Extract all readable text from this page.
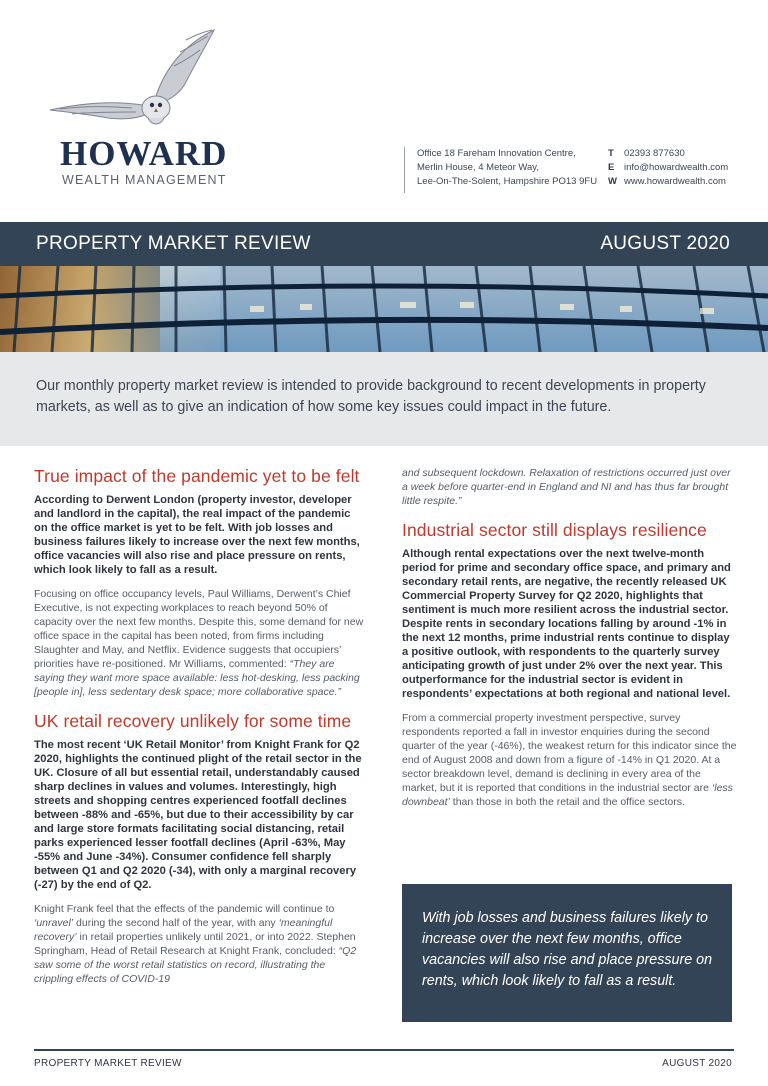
HOWARD
WEALTH MANAGEMENT
Office 18 Fareham Innovation Centre,
Merlin House, 4 Meteor Way,
Lee-On-The-Solent, Hampshire PO13 9FU
T 02393 877630
E info@howardwealth.com
W www.howardwealth.com
PROPERTY MARKET REVIEW	AUGUST 2020

Our monthly property market review is intended to provide background to recent developments in property markets, as well as to give an indication of how some key issues could impact in the future.

True impact of the pandemic yet to be felt

According to Derwent London (property investor, developer and landlord in the capital), the real impact of the pandemic on the office market is yet to be felt. With job losses and business failures likely to increase over the next few months, office vacancies will also rise and place pressure on rents, which look likely to fall as a result.

Focusing on office occupancy levels, Paul Williams, Derwent’s Chief Executive, is not expecting workplaces to reach beyond 50% of capacity over the next few months. Despite this, some demand for new office space in the capital has been noted, from firms including Slaughter and May, and Netflix. Evidence suggests that occupiers’ priorities have re-positioned. Mr Williams, commented: “They are saying they want more space available: less hot-desking, less packing [people in], less sedentary desk space; more collaborative space.”

UK retail recovery unlikely for some time

The most recent ‘UK Retail Monitor’ from Knight Frank for Q2 2020, highlights the continued plight of the retail sector in the UK. Closure of all but essential retail, understandably caused sharp declines in values and volumes. Interestingly, high streets and shopping centres experienced footfall declines between -88% and -65%, but due to their accessibility by car and large store formats facilitating social distancing, retail parks experienced lesser footfall declines (April -63%, May -55% and June -34%). Consumer confidence fell sharply between Q1 and Q2 2020 (-34), with only a marginal recovery (-27) by the end of Q2.

Knight Frank feel that the effects of the pandemic will continue to ‘unravel’ during the second half of the year, with any ‘meaningful recovery’ in retail properties unlikely until 2021, or into 2022. Stephen Springham, Head of Retail Research at Knight Frank, concluded: “Q2 saw some of the worst retail statistics on record, illustrating the crippling effects of COVID-19

and subsequent lockdown. Relaxation of restrictions occurred just over a week before quarter-end in England and NI and has thus far brought little respite.”

Industrial sector still displays resilience

Although rental expectations over the next twelve-month period for prime and secondary office space, and primary and secondary retail rents, are negative, the recently released UK Commercial Property Survey for Q2 2020, highlights that sentiment is much more resilient across the industrial sector. Despite rents in secondary locations falling by around -1% in the next 12 months, prime industrial rents continue to display a positive outlook, with respondents to the quarterly survey anticipating growth of just under 2% over the next year. This outperformance for the industrial sector is evident in respondents’ expectations at both regional and national level.

From a commercial property investment perspective, survey respondents reported a fall in investor enquiries during the second quarter of the year (-46%), the weakest return for this indicator since the end of August 2008 and down from a figure of -14% in Q1 2020. At a sector breakdown level, demand is declining in every area of the market, but it is reported that conditions in the industrial sector are ‘less downbeat’ than those in both the retail and the office sectors.

With job losses and business failures likely to increase over the next few months, office vacancies will also rise and place pressure on rents, which look likely to fall as a result.

PROPERTY MARKET REVIEW	AUGUST 2020
